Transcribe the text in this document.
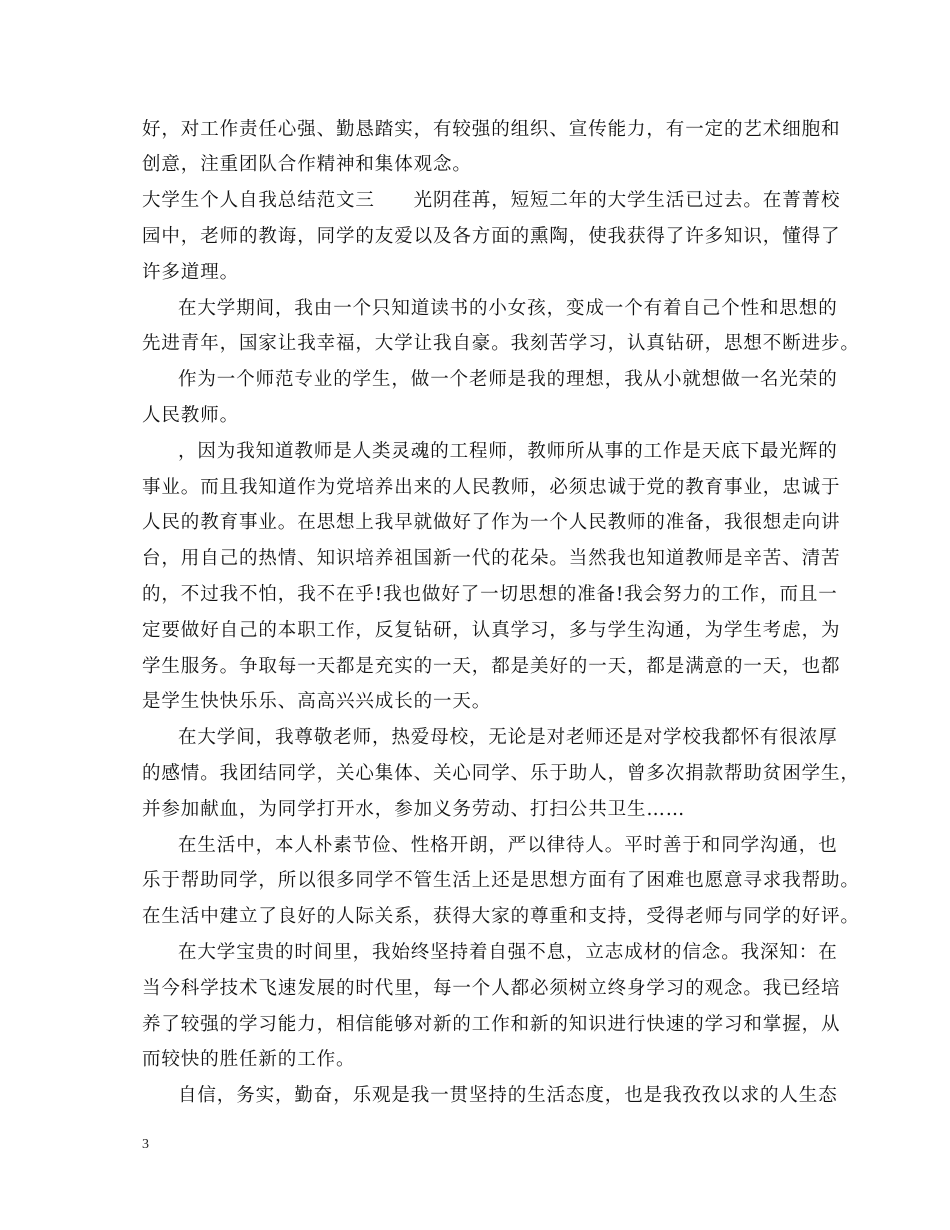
好，对工作责任心强、勤恳踏实，有较强的组织、宣传能力，有一定的艺术细胞和
创意，注重团队合作精神和集体观念。
大学生个人自我总结范文三　　光阴荏苒，短短二年的大学生活已过去。在菁菁校
园中，老师的教诲，同学的友爱以及各方面的熏陶，使我获得了许多知识，懂得了
许多道理。
在大学期间，我由一个只知道读书的小女孩，变成一个有着自己个性和思想的
先进青年，国家让我幸福，大学让我自豪。我刻苦学习，认真钻研，思想不断进步。
作为一个师范专业的学生，做一个老师是我的理想，我从小就想做一名光荣的
人民教师。
，因为我知道教师是人类灵魂的工程师，教师所从事的工作是天底下最光辉的
事业。而且我知道作为党培养出来的人民教师，必须忠诚于党的教育事业，忠诚于
人民的教育事业。在思想上我早就做好了作为一个人民教师的准备，我很想走向讲
台，用自己的热情、知识培养祖国新一代的花朵。当然我也知道教师是辛苦、清苦
的，不过我不怕，我不在乎!我也做好了一切思想的准备!我会努力的工作，而且一
定要做好自己的本职工作，反复钻研，认真学习，多与学生沟通，为学生考虑，为
学生服务。争取每一天都是充实的一天，都是美好的一天，都是满意的一天，也都
是学生快快乐乐、高高兴兴成长的一天。
在大学间，我尊敬老师，热爱母校，无论是对老师还是对学校我都怀有很浓厚
的感情。我团结同学，关心集体、关心同学、乐于助人，曾多次捐款帮助贫困学生，
并参加献血，为同学打开水，参加义务劳动、打扫公共卫生……
在生活中，本人朴素节俭、性格开朗，严以律待人。平时善于和同学沟通，也
乐于帮助同学，所以很多同学不管生活上还是思想方面有了困难也愿意寻求我帮助。
在生活中建立了良好的人际关系，获得大家的尊重和支持，受得老师与同学的好评。
在大学宝贵的时间里，我始终坚持着自强不息，立志成材的信念。我深知：在
当今科学技术飞速发展的时代里，每一个人都必须树立终身学习的观念。我已经培
养了较强的学习能力，相信能够对新的工作和新的知识进行快速的学习和掌握，从
而较快的胜任新的工作。
自信，务实，勤奋，乐观是我一贯坚持的生活态度，也是我孜孜以求的人生态
3
